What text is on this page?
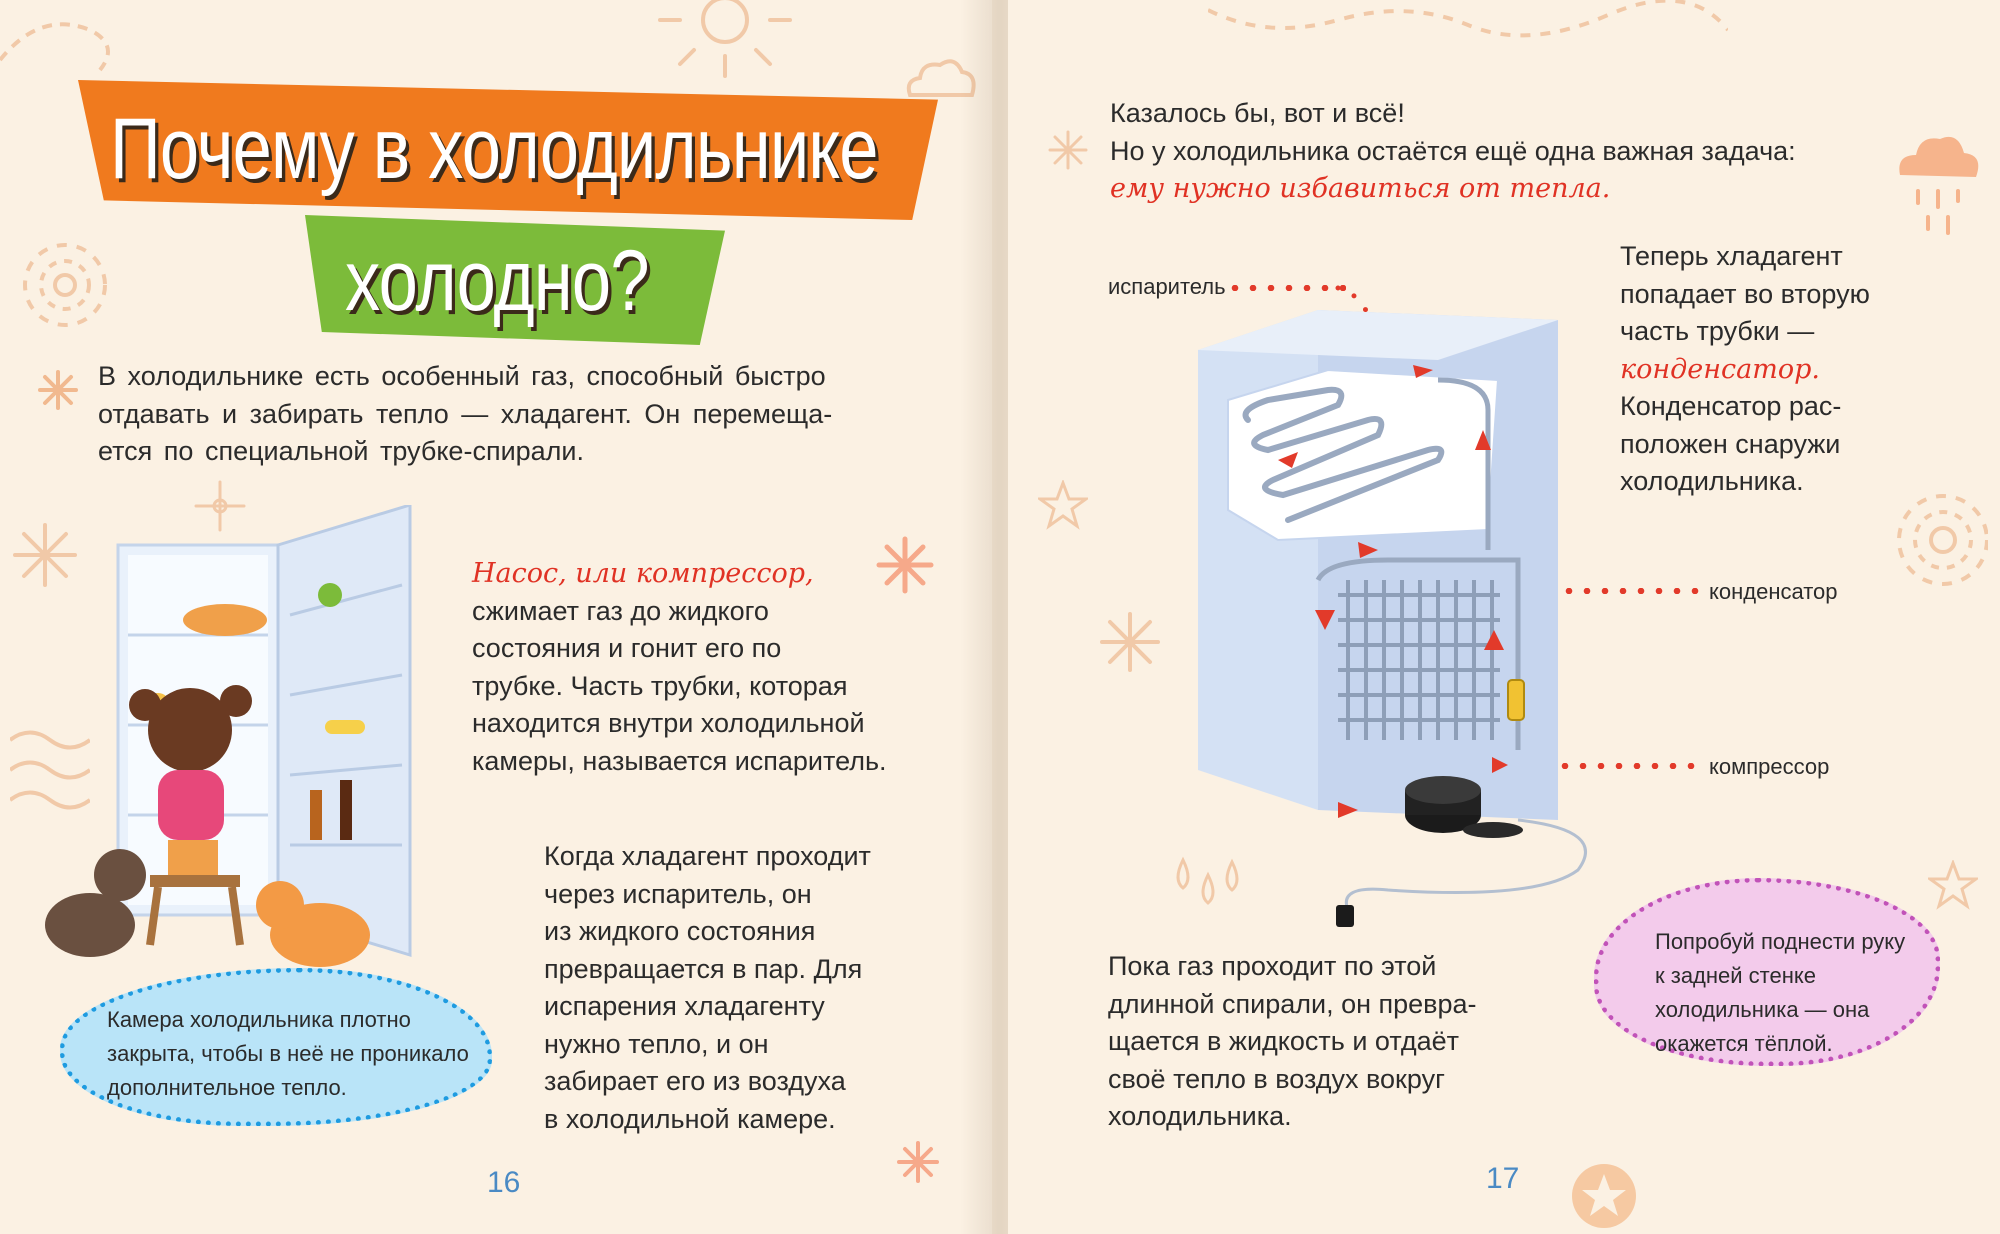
Почему в холодильнике
холодно?
В холодильнике есть особенный газ, способный быстро
отдавать и забирать тепло — хладагент. Он перемеща-
ется по специальной трубке-спирали.
Насос, или компрессор,
сжимает газ до жидкого
состояния и гонит его по
трубке. Часть трубки, которая
находится внутри холодильной
камеры, называется испаритель.
Когда хладагент проходит
через испаритель, он
из жидкого состояния
превращается в пар. Для
испарения хладагенту
нужно тепло, и он
забирает его из воздуха
в холодильной камере.
Камера холодильника плотно
закрыта, чтобы в неё не проникало
дополнительное тепло.
16
Казалось бы, вот и всё!
Но у холодильника остаётся ещё одна важная задача:
ему нужно избавиться от тепла.
Теперь хладагент
попадает во вторую
часть трубки —
конденсатор.
Конденсатор рас-
положен снаружи
холодильника.
испаритель
конденсатор
компрессор
Пока газ проходит по этой
длинной спирали, он превра-
щается в жидкость и отдаёт
своё тепло в воздух вокруг
холодильника.
17
Попробуй поднести руку
к задней стенке
холодильника — она
окажется тёплой.
